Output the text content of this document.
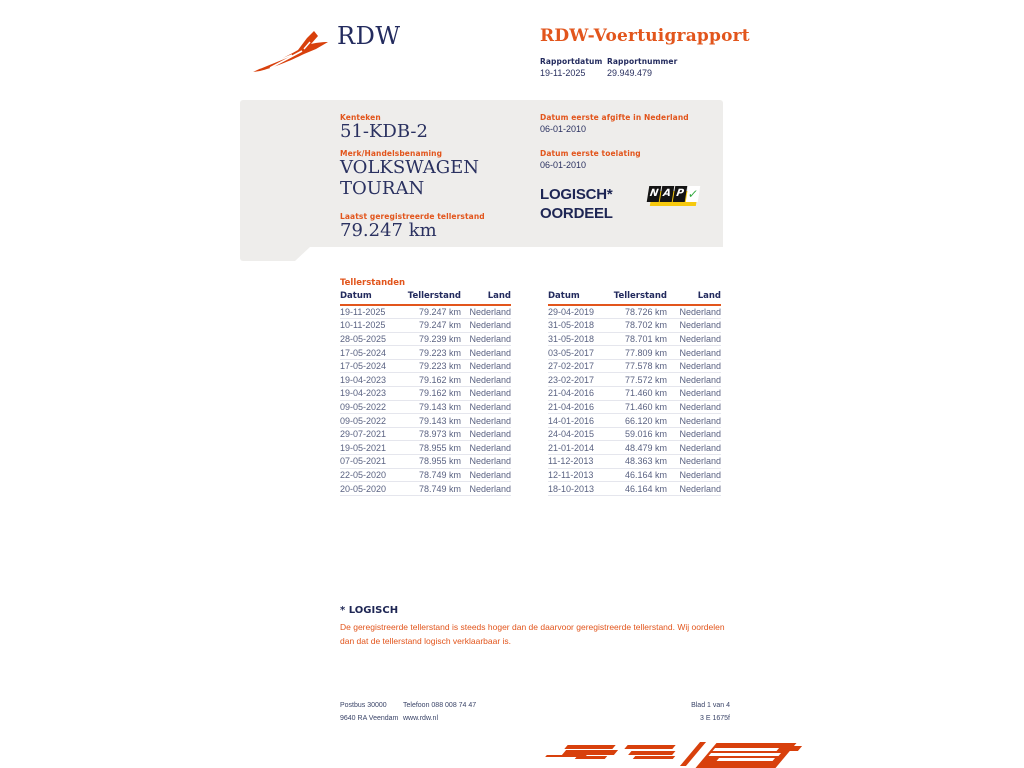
RDW	RDW-Voertuigrapport
Rapportdatum Rapportnummer
19-11-2025 29.949.479
Kenteken
51-KDB-2
Merk/Handelsbenaming
VOLKSWAGEN
TOURAN
Laatst geregistreerde tellerstand
79.247 km
Datum eerste afgifte in Nederland
06-01-2010
Datum eerste toelating
06-01-2010
LOGISCH*
OORDEEL
N A P ✓
Tellerstanden
Datum	Tellerstand	Land
19-11-2025	79.247 km	Nederland
10-11-2025	79.247 km	Nederland
28-05-2025	79.239 km	Nederland
17-05-2024	79.223 km	Nederland
17-05-2024	79.223 km	Nederland
19-04-2023	79.162 km	Nederland
19-04-2023	79.162 km	Nederland
09-05-2022	79.143 km	Nederland
09-05-2022	79.143 km	Nederland
29-07-2021	78.973 km	Nederland
19-05-2021	78.955 km	Nederland
07-05-2021	78.955 km	Nederland
22-05-2020	78.749 km	Nederland
20-05-2020	78.749 km	Nederland
Datum	Tellerstand	Land
29-04-2019	78.726 km	Nederland
31-05-2018	78.702 km	Nederland
31-05-2018	78.701 km	Nederland
03-05-2017	77.809 km	Nederland
27-02-2017	77.578 km	Nederland
23-02-2017	77.572 km	Nederland
21-04-2016	71.460 km	Nederland
21-04-2016	71.460 km	Nederland
14-01-2016	66.120 km	Nederland
24-04-2015	59.016 km	Nederland
21-01-2014	48.479 km	Nederland
11-12-2013	48.363 km	Nederland
12-11-2013	46.164 km	Nederland
18-10-2013	46.164 km	Nederland
* LOGISCH
De geregistreerde tellerstand is steeds hoger dan de daarvoor geregistreerde tellerstand. Wij oordelen dan dat de tellerstand logisch verklaarbaar is.
Postbus 30000
9640 RA Veendam
Telefoon 088 008 74 47
www.rdw.nl
Blad 1 van 4
3 E 1675f
